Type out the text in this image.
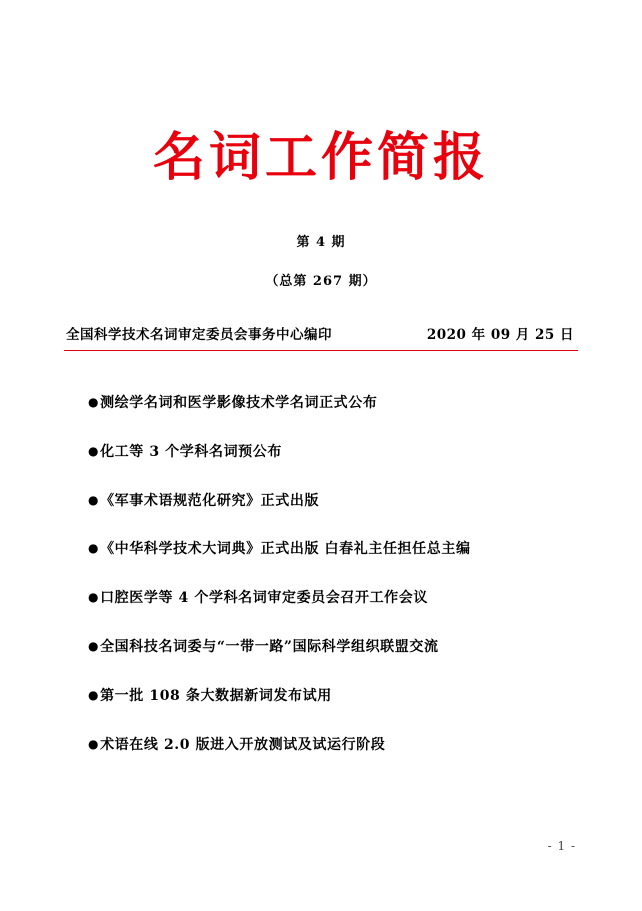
名词工作简报
第 4 期
（总第 267 期）
全国科学技术名词审定委员会事务中心编印	2020 年 09 月 25 日
●测绘学名词和医学影像技术学名词正式公布
●化工等 3 个学科名词预公布
●《军事术语规范化研究》正式出版
●《中华科学技术大词典》正式出版 白春礼主任担任总主编
●口腔医学等 4 个学科名词审定委员会召开工作会议
●全国科技名词委与“一带一路”国际科学组织联盟交流
●第一批 108 条大数据新词发布试用
●术语在线 2.0 版进入开放测试及试运行阶段
- 1 -
